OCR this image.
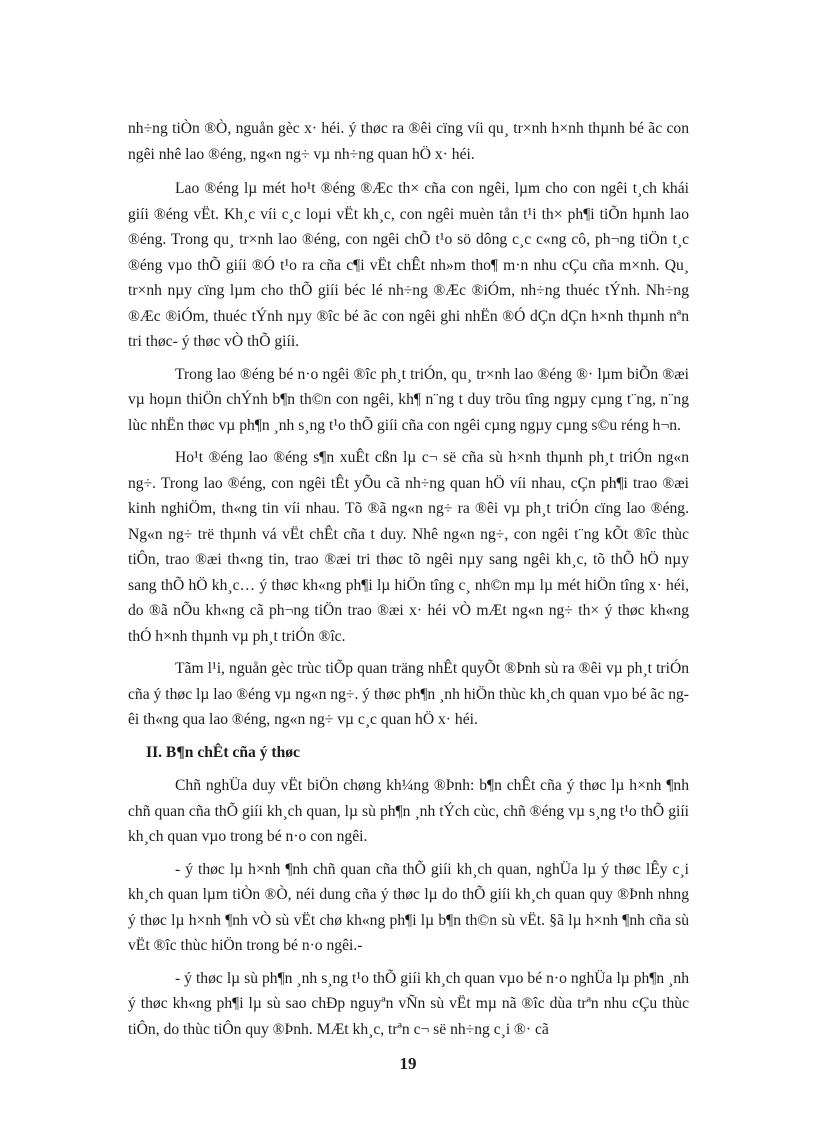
nh÷ng tiÒn ®Ò, nguån gèc x· héi. ý thøc ra ®êi cïng víi qu¸ tr×nh h×nh thµnh bé ãc con ngêi nhê lao ®éng, ng«n ng÷ vµ nh÷ng quan hÖ x· héi.

Lao ®éng lµ mét ho¹t ®éng ®Æc th× cña con ngêi, lµm cho con ngêi t¸ch khái giíi ®éng vËt. Kh¸c víi c¸c loµi vËt kh¸c, con ngêi muèn tån t¹i th× ph¶i tiÕn hµnh lao ®éng. Trong qu¸ tr×nh lao ®éng, con ngêi chÕ t¹o sö dông c¸c c«ng cô, ph¬ng tiÖn t¸c ®éng vµo thÕ giíi ®Ó t¹o ra cña c¶i vËt chÊt nh»m tho¶ m·n nhu cÇu cña m×nh. Qu¸ tr×nh nµy cïng lµm cho thÕ giíi béc lé nh÷ng ®Æc ®iÓm, nh÷ng thuéc tÝnh. Nh÷ng ®Æc ®iÓm, thuéc tÝnh nµy ®îc bé ãc con ngêi ghi nhËn ®Ó dÇn dÇn h×nh thµnh nªn tri thøc- ý thøc vÒ thÕ giíi.

Trong lao ®éng bé n·o ngêi ®îc ph¸t triÓn, qu¸ tr×nh lao ®éng ®· lµm biÕn ®æi vµ hoµn thiÖn chÝnh b¶n th©n con ngêi, kh¶ n¨ng t duy trõu tîng ngµy cµng t¨ng, n¨ng lùc nhËn thøc vµ ph¶n ¸nh s¸ng t¹o thÕ giíi cña con ngêi cµng ngµy cµng s©u réng h¬n.

Ho¹t ®éng lao ®éng s¶n xuÊt cßn lµ c¬ së cña sù h×nh thµnh ph¸t triÓn ng«n ng÷. Trong lao ®éng, con ngêi tÊt yÕu cã nh÷ng quan hÖ víi nhau, cÇn ph¶i trao ®æi kinh nghiÖm, th«ng tin víi nhau. Tõ ®ã ng«n ng÷ ra ®êi vµ ph¸t triÓn cïng lao ®éng. Ng«n ng÷ trë thµnh vá vËt chÊt cña t duy. Nhê ng«n ng÷, con ngêi t¨ng kÕt ®îc thùc tiÔn, trao ®æi th«ng tin, trao ®æi tri thøc tõ ngêi nµy sang ngêi kh¸c, tõ thÕ hÖ nµy sang thÕ hÖ kh¸c… ý thøc kh«ng ph¶i lµ hiÖn tîng c¸ nh©n mµ lµ mét hiÖn tîng x· héi, do ®ã nÕu kh«ng cã ph¬ng tiÖn trao ®æi x· héi vÒ mÆt ng«n ng÷ th× ý thøc kh«ng thÓ h×nh thµnh vµ ph¸t triÓn ®îc.

Tãm l¹i, nguån gèc trùc tiÕp quan träng nhÊt quyÕt ®Þnh sù ra ®êi vµ ph¸t triÓn cña ý thøc lµ lao ®éng vµ ng«n ng÷. ý thøc ph¶n ¸nh hiÖn thùc kh¸ch quan vµo bé ãc ngêi th«ng qua lao ®éng, ng«n ng÷ vµ c¸c quan hÖ x· héi.

II. B¶n chÊt cña ý thøc

Chñ nghÜa duy vËt biÖn chøng kh¼ng ®Þnh: b¶n chÊt cña ý thøc lµ h×nh ¶nh chñ quan cña thÕ giíi kh¸ch quan, lµ sù ph¶n ¸nh tÝch cùc, chñ ®éng vµ s¸ng t¹o thÕ giíi kh¸ch quan vµo trong bé n·o con ngêi.

- ý thøc lµ h×nh ¶nh chñ quan cña thÕ giíi kh¸ch quan, nghÜa lµ ý thøc lÊy c¸i kh¸ch quan lµm tiÒn ®Ò, néi dung cña ý thøc lµ do thÕ giíi kh¸ch quan quy ®Þnh nhng ý thøc lµ h×nh ¶nh vÒ sù vËt chø kh«ng ph¶i lµ b¶n th©n sù vËt. §ã lµ h×nh ¶nh cña sù vËt ®îc thùc hiÖn trong bé n·o ngêi.-

- ý thøc lµ sù ph¶n ¸nh s¸ng t¹o thÕ giíi kh¸ch quan vµo bé n·o nghÜa lµ ph¶n ¸nh ý thøc kh«ng ph¶i lµ sù sao chÐp nguyªn vÑn sù vËt mµ nã ®îc dùa trªn nhu cÇu thùc tiÔn, do thùc tiÔn quy ®Þnh. MÆt kh¸c, trªn c¬ së nh÷ng c¸i ®· cã

19
